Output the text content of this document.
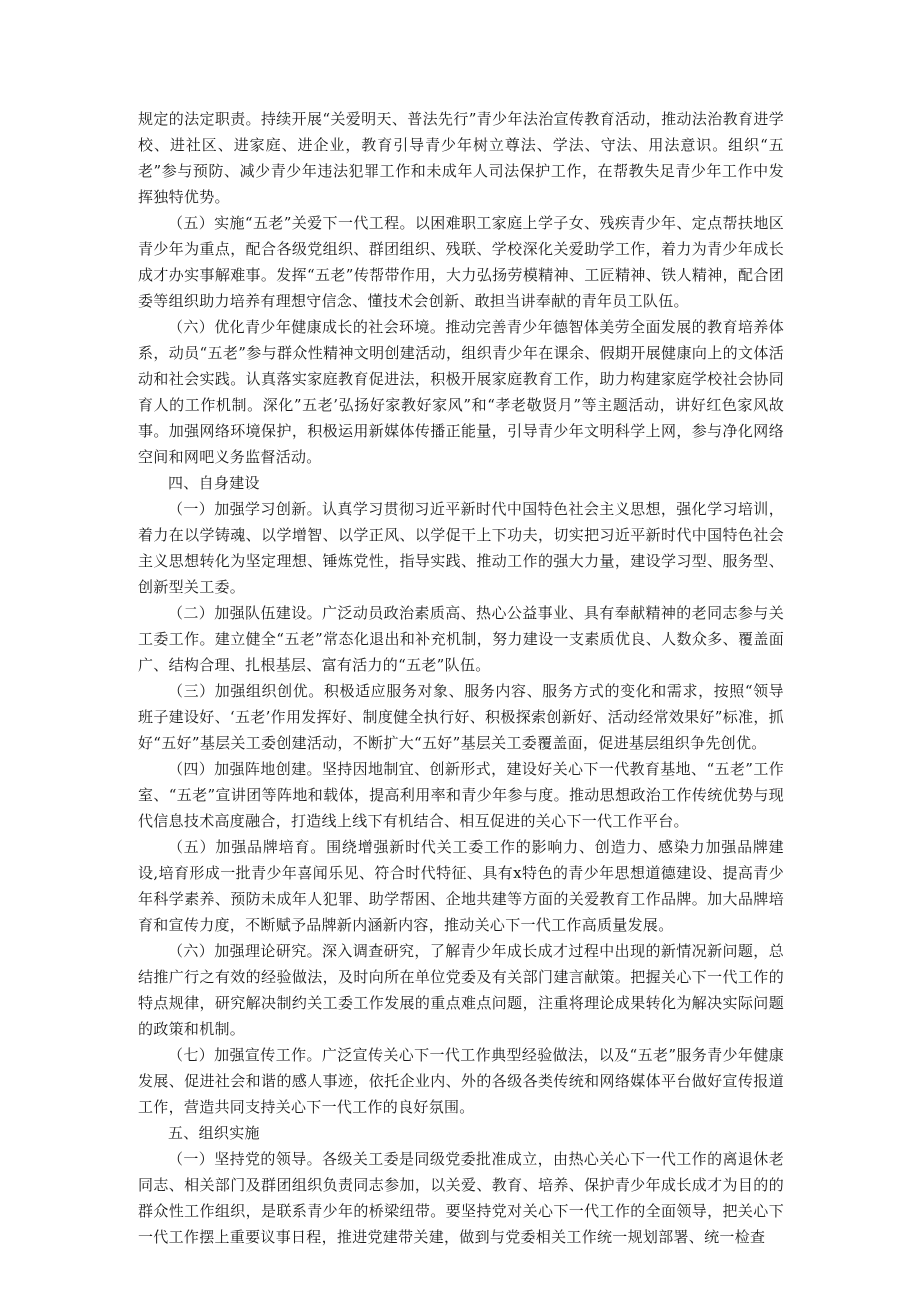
规定的法定职责。持续开展“关爱明天、普法先行”青少年法治宣传教育活动，推动法治教育进学校、进社区、进家庭、进企业，教育引导青少年树立尊法、学法、守法、用法意识。组织“五老”参与预防、减少青少年违法犯罪工作和未成年人司法保护工作，在帮教失足青少年工作中发挥独特优势。

（五）实施“五老”关爱下一代工程。以困难职工家庭上学子女、残疾青少年、定点帮扶地区青少年为重点，配合各级党组织、群团组织、残联、学校深化关爱助学工作，着力为青少年成长成才办实事解难事。发挥“五老”传帮带作用，大力弘扬劳模精神、工匠精神、铁人精神，配合团委等组织助力培养有理想守信念、懂技术会创新、敢担当讲奉献的青年员工队伍。

（六）优化青少年健康成长的社会环境。推动完善青少年德智体美劳全面发展的教育培养体系，动员“五老”参与群众性精神文明创建活动，组织青少年在课余、假期开展健康向上的文体活动和社会实践。认真落实家庭教育促进法，积极开展家庭教育工作，助力构建家庭学校社会协同育人的工作机制。深化”五老’弘扬好家教好家风”和“孝老敬贤月”等主题活动，讲好红色家风故事。加强网络环境保护，积极运用新媒体传播正能量，引导青少年文明科学上网，参与净化网络空间和网吧义务监督活动。

四、自身建设

（一）加强学习创新。认真学习贯彻习近平新时代中国特色社会主义思想，强化学习培训，着力在以学铸魂、以学增智、以学正风、以学促干上下功夫，切实把习近平新时代中国特色社会主义思想转化为坚定理想、锤炼党性，指导实践、推动工作的强大力量，建设学习型、服务型、创新型关工委。

（二）加强队伍建设。广泛动员政治素质高、热心公益事业、具有奉献精神的老同志参与关工委工作。建立健全“五老”常态化退出和补充机制，努力建设一支素质优良、人数众多、覆盖面广、结构合理、扎根基层、富有活力的“五老”队伍。

（三）加强组织创优。积极适应服务对象、服务内容、服务方式的变化和需求，按照“领导班子建设好、‘五老’作用发挥好、制度健全执行好、积极探索创新好、活动经常效果好”标准，抓好“五好”基层关工委创建活动，不断扩大“五好”基层关工委覆盖面，促进基层组织争先创优。

（四）加强阵地创建。坚持因地制宜、创新形式，建设好关心下一代教育基地、“五老”工作室、“五老”宣讲团等阵地和载体，提高利用率和青少年参与度。推动思想政治工作传统优势与现代信息技术高度融合，打造线上线下有机结合、相互促进的关心下一代工作平台。

（五）加强品牌培育。围绕增强新时代关工委工作的影响力、创造力、感染力加强品牌建设,培育形成一批青少年喜闻乐见、符合时代特征、具有x特色的青少年思想道德建设、提高青少年科学素养、预防未成年人犯罪、助学帮困、企地共建等方面的关爱教育工作品牌。加大品牌培育和宣传力度，不断赋予品牌新内涵新内容，推动关心下一代工作高质量发展。

（六）加强理论研究。深入调查研究，了解青少年成长成才过程中出现的新情况新问题，总结推广行之有效的经验做法，及时向所在单位党委及有关部门建言献策。把握关心下一代工作的特点规律，研究解决制约关工委工作发展的重点难点问题，注重将理论成果转化为解决实际问题的政策和机制。

（七）加强宣传工作。广泛宣传关心下一代工作典型经验做法，以及“五老”服务青少年健康发展、促进社会和谐的感人事迹，依托企业内、外的各级各类传统和网络媒体平台做好宣传报道工作，营造共同支持关心下一代工作的良好氛围。

五、组织实施

（一）坚持党的领导。各级关工委是同级党委批准成立，由热心关心下一代工作的离退休老同志、相关部门及群团组织负责同志参加，以关爱、教育、培养、保护青少年成长成才为目的的群众性工作组织，是联系青少年的桥梁纽带。要坚持党对关心下一代工作的全面领导，把关心下一代工作摆上重要议事日程，推进党建带关建，做到与党委相关工作统一规划部署、统一检查
